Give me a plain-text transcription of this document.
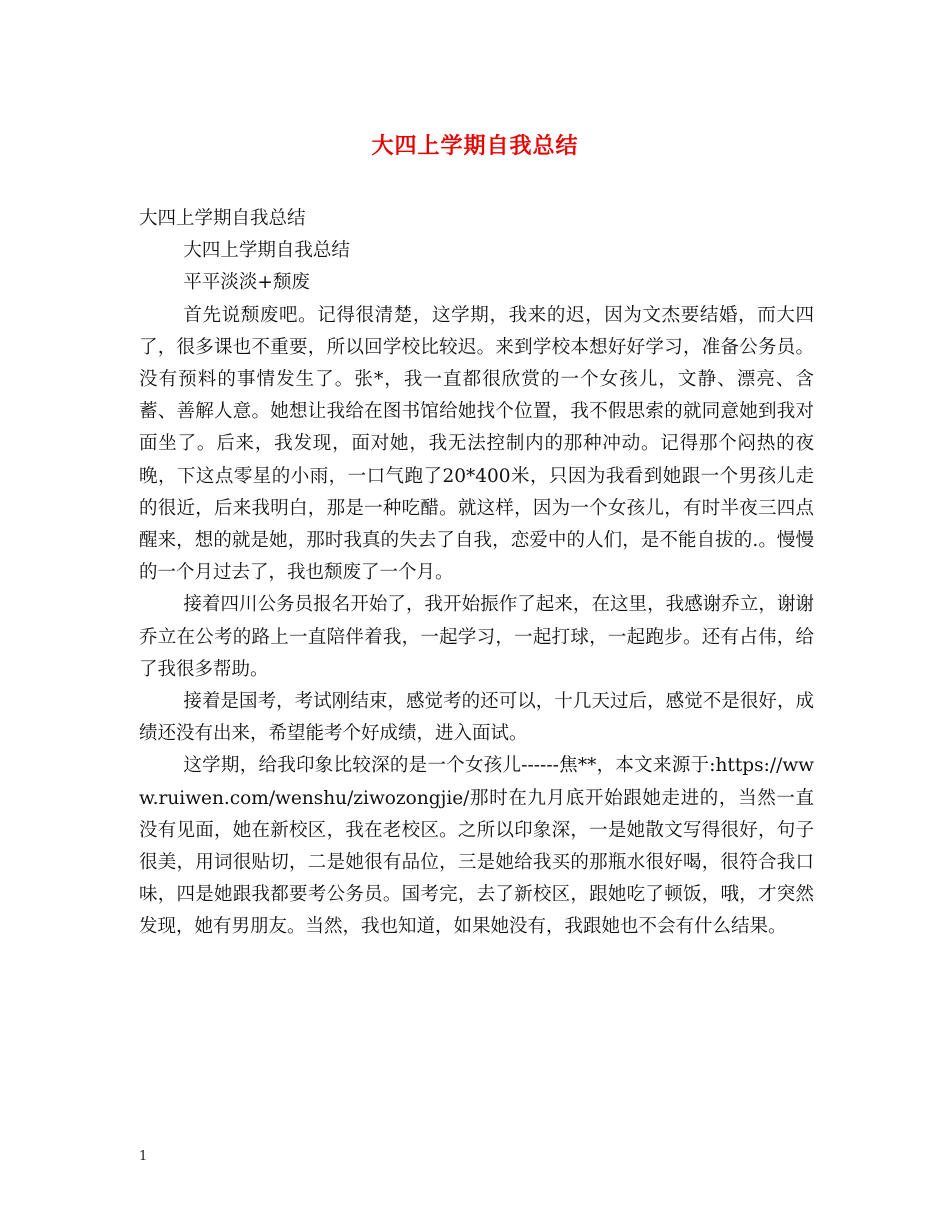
大四上学期自我总结

大四上学期自我总结

大四上学期自我总结

平平淡淡+颓废

首先说颓废吧。记得很清楚，这学期，我来的迟，因为文杰要结婚，而大四了，很多课也不重要，所以回学校比较迟。来到学校本想好好学习，准备公务员。没有预料的事情发生了。张*，我一直都很欣赏的一个女孩儿，文静、漂亮、含蓄、善解人意。她想让我给在图书馆给她找个位置，我不假思索的就同意她到我对面坐了。后来，我发现，面对她，我无法控制内的那种冲动。记得那个闷热的夜晚，下这点零星的小雨，一口气跑了20*400米，只因为我看到她跟一个男孩儿走的很近，后来我明白，那是一种吃醋。就这样，因为一个女孩儿，有时半夜三四点醒来，想的就是她，那时我真的失去了自我，恋爱中的人们，是不能自拔的.。慢慢的一个月过去了，我也颓废了一个月。

接着四川公务员报名开始了，我开始振作了起来，在这里，我感谢乔立，谢谢乔立在公考的路上一直陪伴着我，一起学习，一起打球，一起跑步。还有占伟，给了我很多帮助。

接着是国考，考试刚结束，感觉考的还可以，十几天过后，感觉不是很好，成绩还没有出来，希望能考个好成绩，进入面试。

这学期，给我印象比较深的是一个女孩儿------焦**，本文来源于:https://www.ruiwen.com/wenshu/ziwozongjie/那时在九月底开始跟她走进的，当然一直没有见面，她在新校区，我在老校区。之所以印象深，一是她散文写得很好，句子很美，用词很贴切，二是她很有品位，三是她给我买的那瓶水很好喝，很符合我口味，四是她跟我都要考公务员。国考完，去了新校区，跟她吃了顿饭，哦，才突然发现，她有男朋友。当然，我也知道，如果她没有，我跟她也不会有什么结果。

1
